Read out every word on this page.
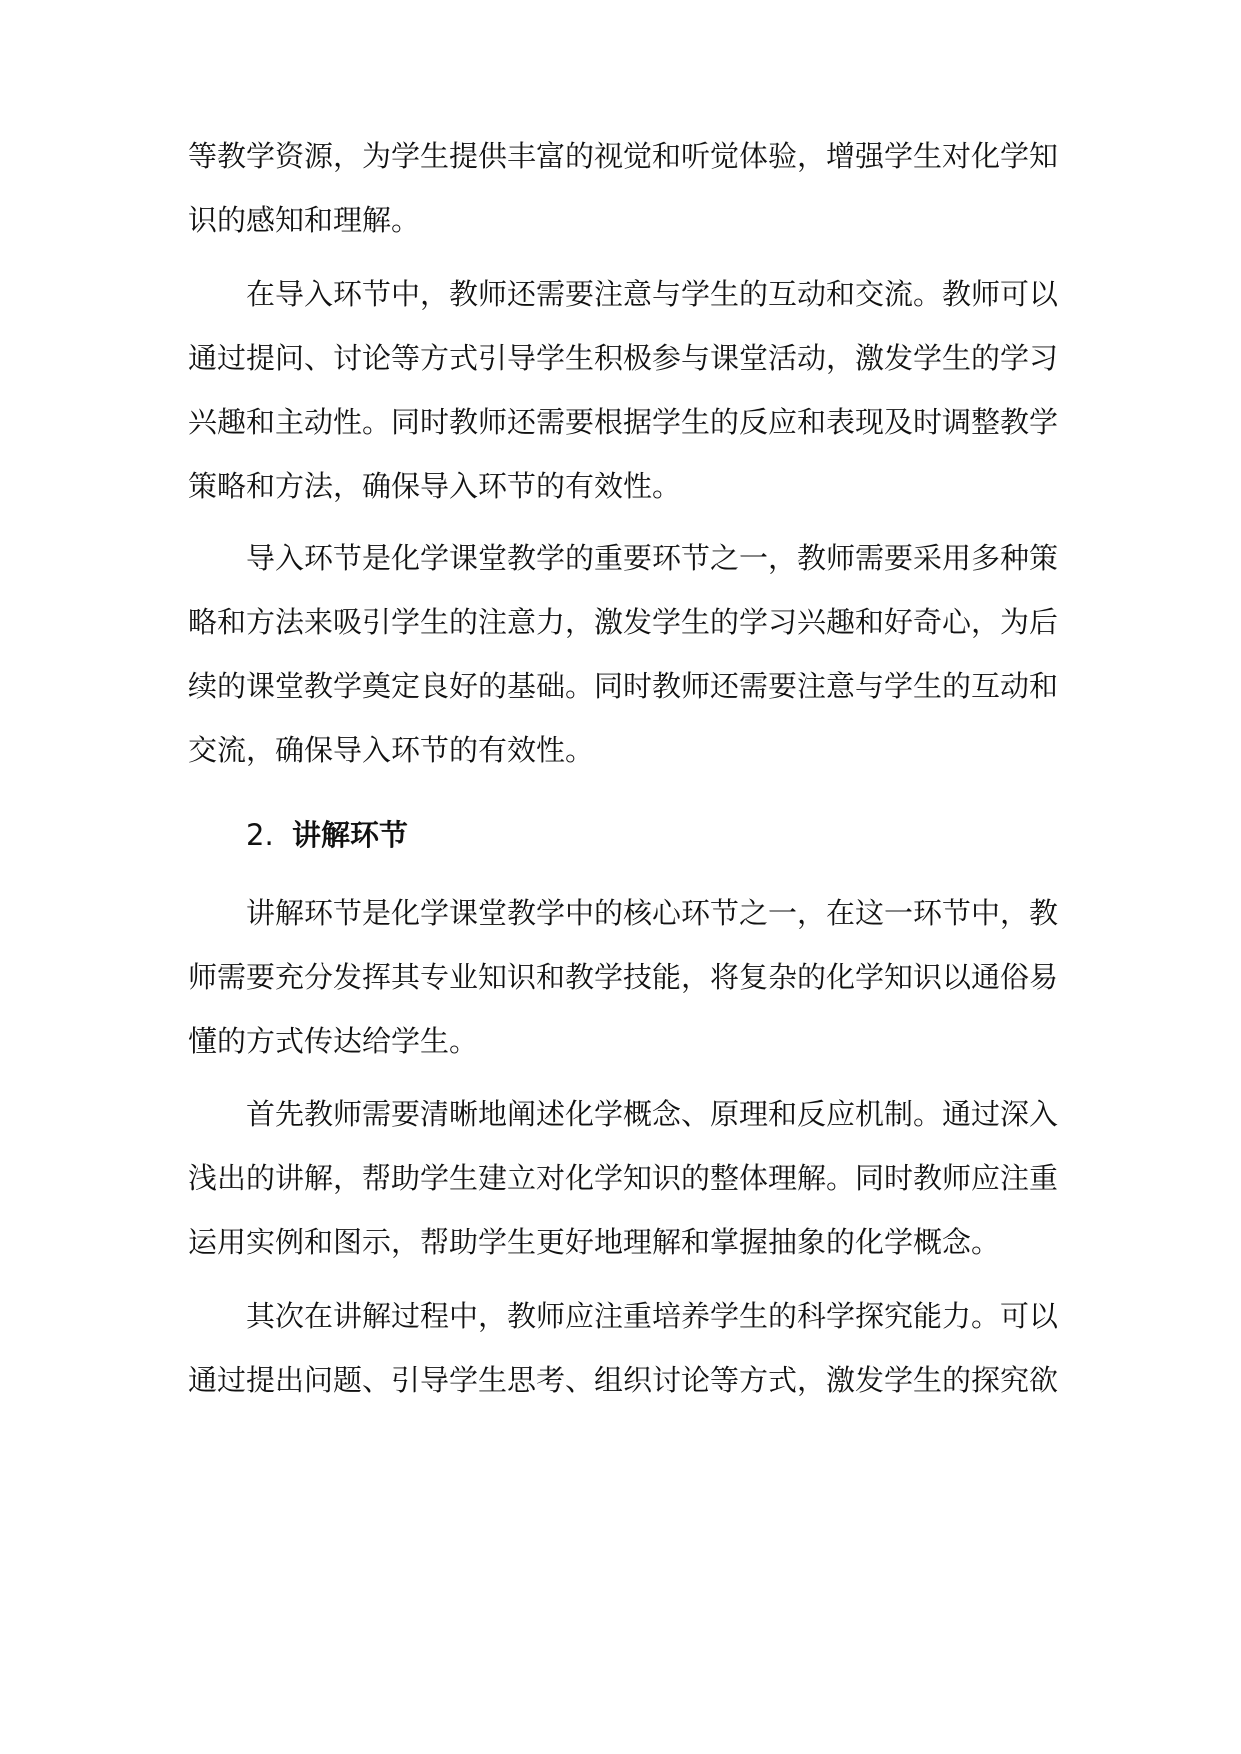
等教学资源，为学生提供丰富的视觉和听觉体验，增强学生对化学知
识的感知和理解。
在导入环节中，教师还需要注意与学生的互动和交流。教师可以
通过提问、讨论等方式引导学生积极参与课堂活动，激发学生的学习
兴趣和主动性。同时教师还需要根据学生的反应和表现及时调整教学
策略和方法，确保导入环节的有效性。
导入环节是化学课堂教学的重要环节之一，教师需要采用多种策
略和方法来吸引学生的注意力，激发学生的学习兴趣和好奇心，为后
续的课堂教学奠定良好的基础。同时教师还需要注意与学生的互动和
交流，确保导入环节的有效性。
2. 讲解环节
讲解环节是化学课堂教学中的核心环节之一，在这一环节中，教
师需要充分发挥其专业知识和教学技能，将复杂的化学知识以通俗易
懂的方式传达给学生。
首先教师需要清晰地阐述化学概念、原理和反应机制。通过深入
浅出的讲解，帮助学生建立对化学知识的整体理解。同时教师应注重
运用实例和图示，帮助学生更好地理解和掌握抽象的化学概念。
其次在讲解过程中，教师应注重培养学生的科学探究能力。可以
通过提出问题、引导学生思考、组织讨论等方式，激发学生的探究欲
